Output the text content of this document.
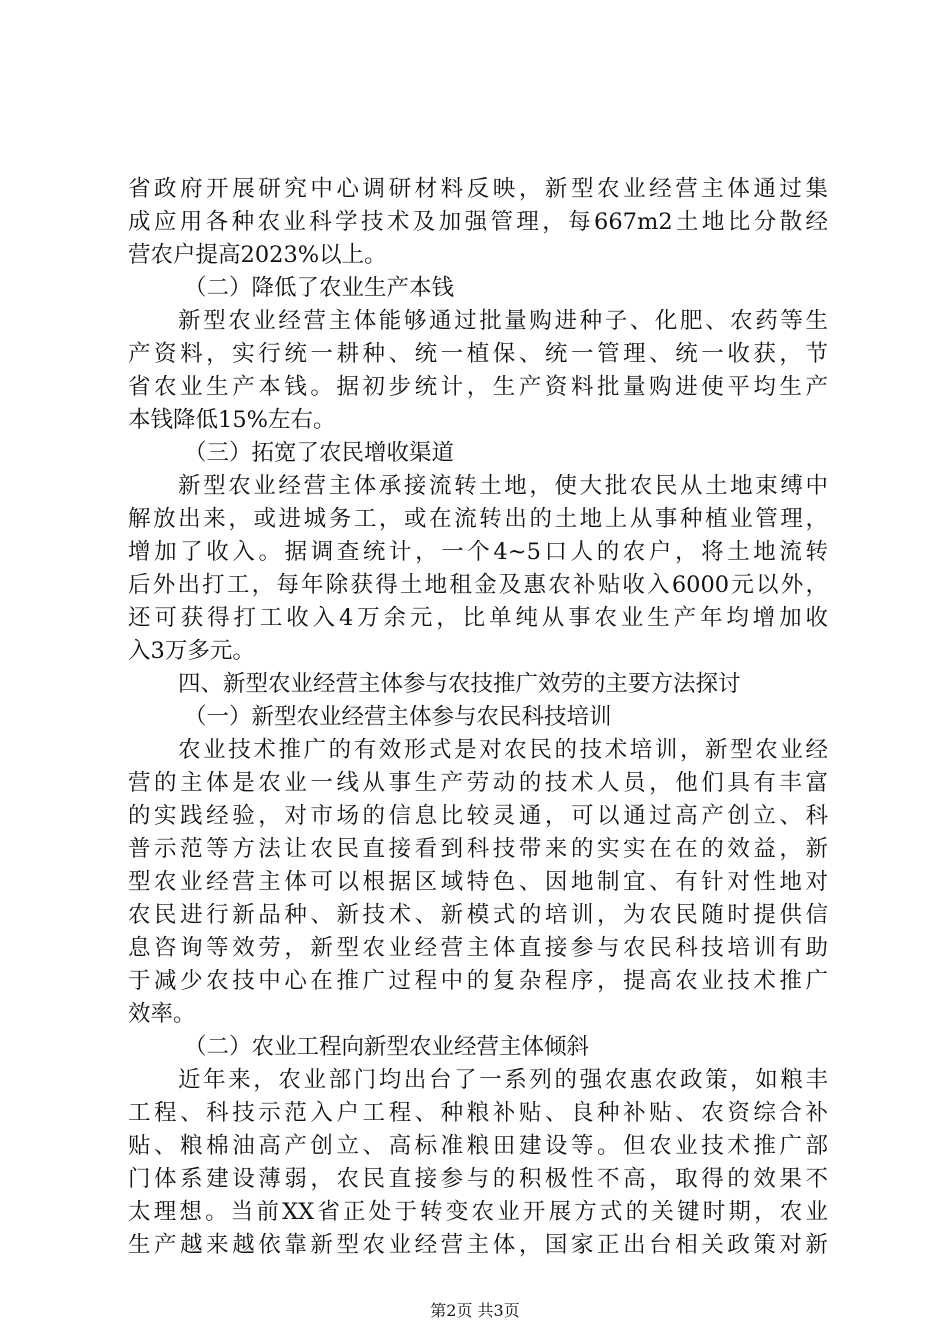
省政府开展研究中心调研材料反映，新型农业经营主体通过集
成应用各种农业科学技术及加强管理，每667m2土地比分散经
营农户提高2023%以上。
（二）降低了农业生产本钱
新型农业经营主体能够通过批量购进种子、化肥、农药等生
产资料，实行统一耕种、统一植保、统一管理、统一收获，节
省农业生产本钱。据初步统计，生产资料批量购进使平均生产
本钱降低15%左右。
（三）拓宽了农民增收渠道
新型农业经营主体承接流转土地，使大批农民从土地束缚中
解放出来，或进城务工，或在流转出的土地上从事种植业管理，
增加了收入。据调查统计，一个4~5口人的农户，将土地流转
后外出打工，每年除获得土地租金及惠农补贴收入6000元以外，
还可获得打工收入4万余元，比单纯从事农业生产年均增加收
入3万多元。
四、新型农业经营主体参与农技推广效劳的主要方法探讨
（一）新型农业经营主体参与农民科技培训
农业技术推广的有效形式是对农民的技术培训，新型农业经
营的主体是农业一线从事生产劳动的技术人员，他们具有丰富
的实践经验，对市场的信息比较灵通，可以通过高产创立、科
普示范等方法让农民直接看到科技带来的实实在在的效益，新
型农业经营主体可以根据区域特色、因地制宜、有针对性地对
农民进行新品种、新技术、新模式的培训，为农民随时提供信
息咨询等效劳，新型农业经营主体直接参与农民科技培训有助
于减少农技中心在推广过程中的复杂程序，提高农业技术推广
效率。
（二）农业工程向新型农业经营主体倾斜
近年来，农业部门均出台了一系列的强农惠农政策，如粮丰
工程、科技示范入户工程、种粮补贴、良种补贴、农资综合补
贴、粮棉油高产创立、高标准粮田建设等。但农业技术推广部
门体系建设薄弱，农民直接参与的积极性不高，取得的效果不
太理想。当前XX省正处于转变农业开展方式的关键时期，农业
生产越来越依靠新型农业经营主体，国家正出台相关政策对新
第2页 共3页
